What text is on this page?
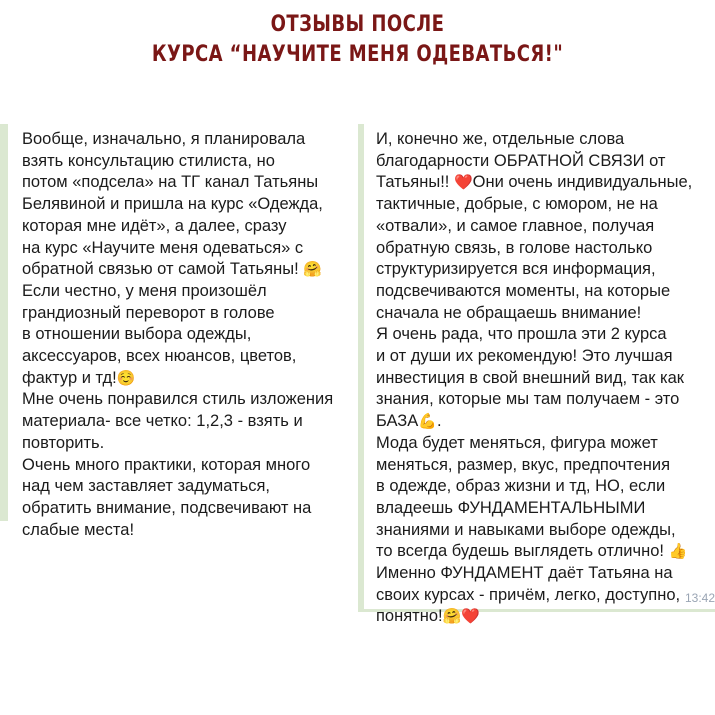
ОТЗЫВЫ ПОСЛЕ
КУРСА “НАУЧИТЕ МЕНЯ ОДЕВАТЬСЯ!"
Вообще, изначально, я планировала
взять консультацию стилиста, но
потом «подсела» на ТГ канал Татьяны
Белявиной и пришла на курс «Одежда,
которая мне идёт», а далее, сразу
на курс «Научите меня одеваться» с
обратной связью от самой Татьяны! 🤗
Если честно, у меня произошёл
грандиозный переворот в голове
в отношении выбора одежды,
аксессуаров, всех нюансов, цветов,
фактур и тд!☺️
Мне очень понравился стиль изложения
материала- все четко: 1,2,3 - взять и
повторить.
Очень много практики, которая много
над чем заставляет задуматься,
обратить внимание, подсвечивают на
слабые места!
И, конечно же, отдельные слова
благодарности ОБРАТНОЙ СВЯЗИ от
Татьяны!! ❤️Они очень индивидуальные,
тактичные, добрые, с юмором, не на
«отвали», и самое главное, получая
обратную связь, в голове настолько
структуризируется вся информация,
подсвечиваются моменты, на которые
сначала не обращаешь внимание!
Я очень рада, что прошла эти 2 курса
и от души их рекомендую! Это лучшая
инвестиция в свой внешний вид, так как
знания, которые мы там получаем - это
БАЗА💪.
Мода будет меняться, фигура может
меняться, размер, вкус, предпочтения
в одежде, образ жизни и тд, НО, если
владеешь ФУНДАМЕНТАЛЬНЫМИ
знаниями и навыками выборе одежды,
то всегда будешь выглядеть отлично! 👍
Именно ФУНДАМЕНТ даёт Татьяна на
своих курсах - причём, легко, доступно,
понятно!🤗❤️
13:42
